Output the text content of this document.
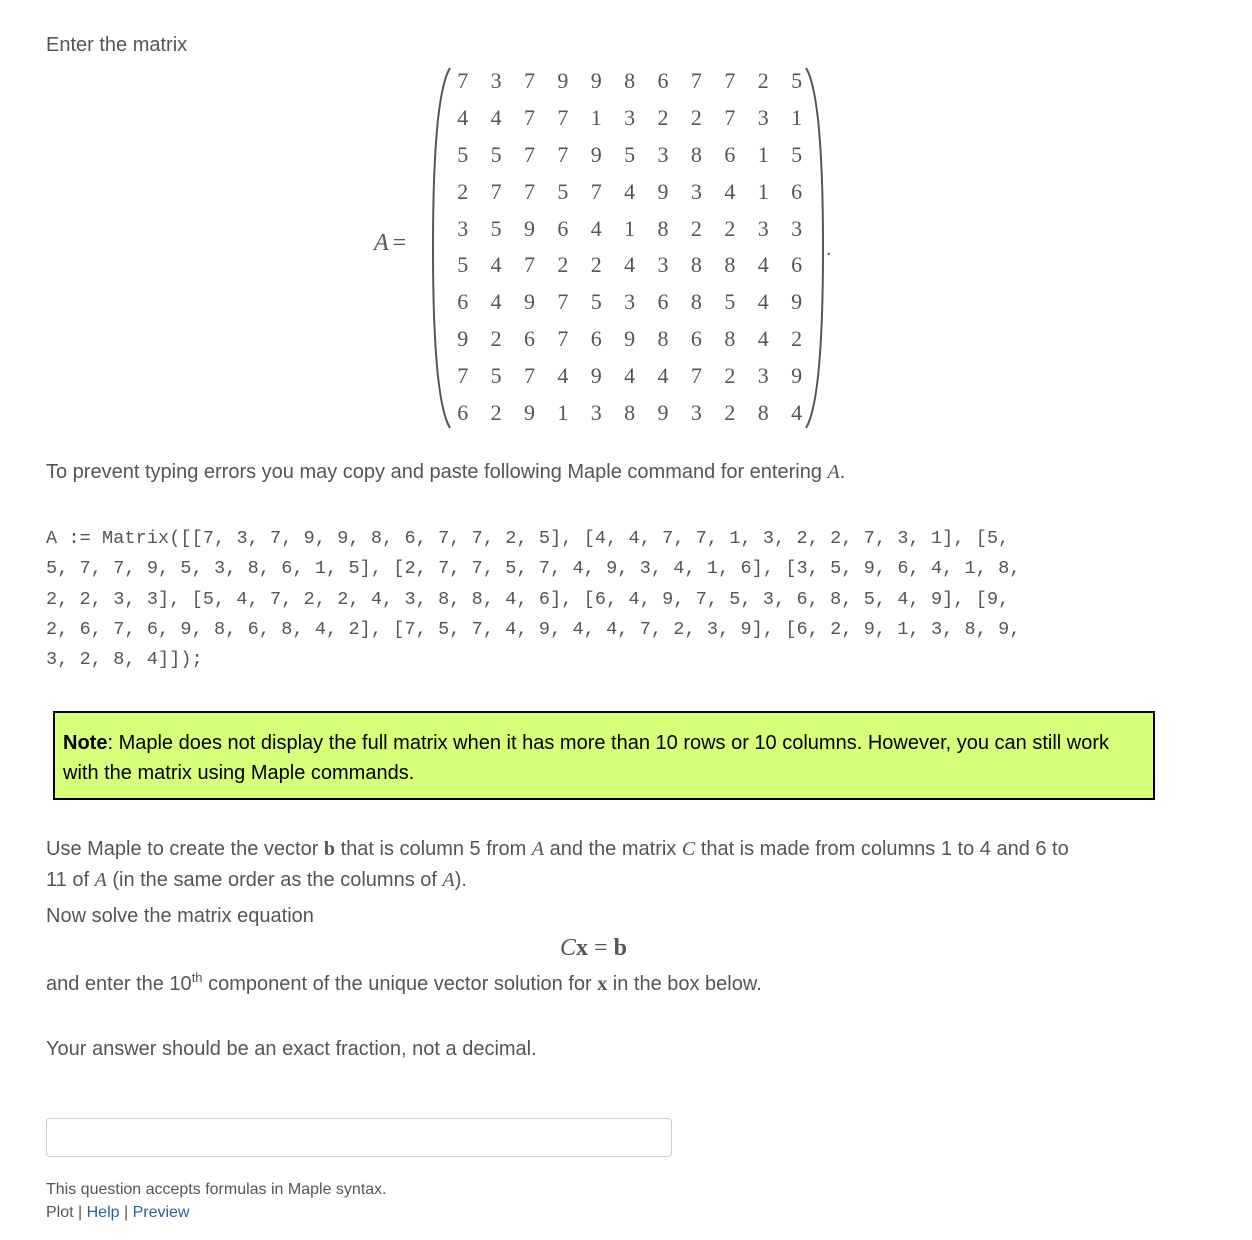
Enter the matrix
A =
7	3	7	9	9	8	6	7	7	2	5
4	4	7	7	1	3	2	2	7	3	1
5	5	7	7	9	5	3	8	6	1	5
2	7	7	5	7	4	9	3	4	1	6
3	5	9	6	4	1	8	2	2	3	3
5	4	7	2	2	4	3	8	8	4	6
6	4	9	7	5	3	6	8	5	4	9
9	2	6	7	6	9	8	6	8	4	2
7	5	7	4	9	4	4	7	2	3	9
6	2	9	1	3	8	9	3	2	8	4
.
To prevent typing errors you may copy and paste following Maple command for entering A.
A := Matrix([[7, 3, 7, 9, 9, 8, 6, 7, 7, 2, 5], [4, 4, 7, 7, 1, 3, 2, 2, 7, 3, 1], [5,
5, 7, 7, 9, 5, 3, 8, 6, 1, 5], [2, 7, 7, 5, 7, 4, 9, 3, 4, 1, 6], [3, 5, 9, 6, 4, 1, 8,
2, 2, 3, 3], [5, 4, 7, 2, 2, 4, 3, 8, 8, 4, 6], [6, 4, 9, 7, 5, 3, 6, 8, 5, 4, 9], [9,
2, 6, 7, 6, 9, 8, 6, 8, 4, 2], [7, 5, 7, 4, 9, 4, 4, 7, 2, 3, 9], [6, 2, 9, 1, 3, 8, 9,
3, 2, 8, 4]]);
Note: Maple does not display the full matrix when it has more than 10 rows or 10 columns. However, you can still work with the matrix using Maple commands.
Use Maple to create the vector b that is column 5 from A and the matrix C that is made from columns 1 to 4 and 6 to
11 of A (in the same order as the columns of A).
Now solve the matrix equation
Cx = b
and enter the 10th component of the unique vector solution for x in the box below.
Your answer should be an exact fraction, not a decimal.
This question accepts formulas in Maple syntax.
Plot | Help | Preview
